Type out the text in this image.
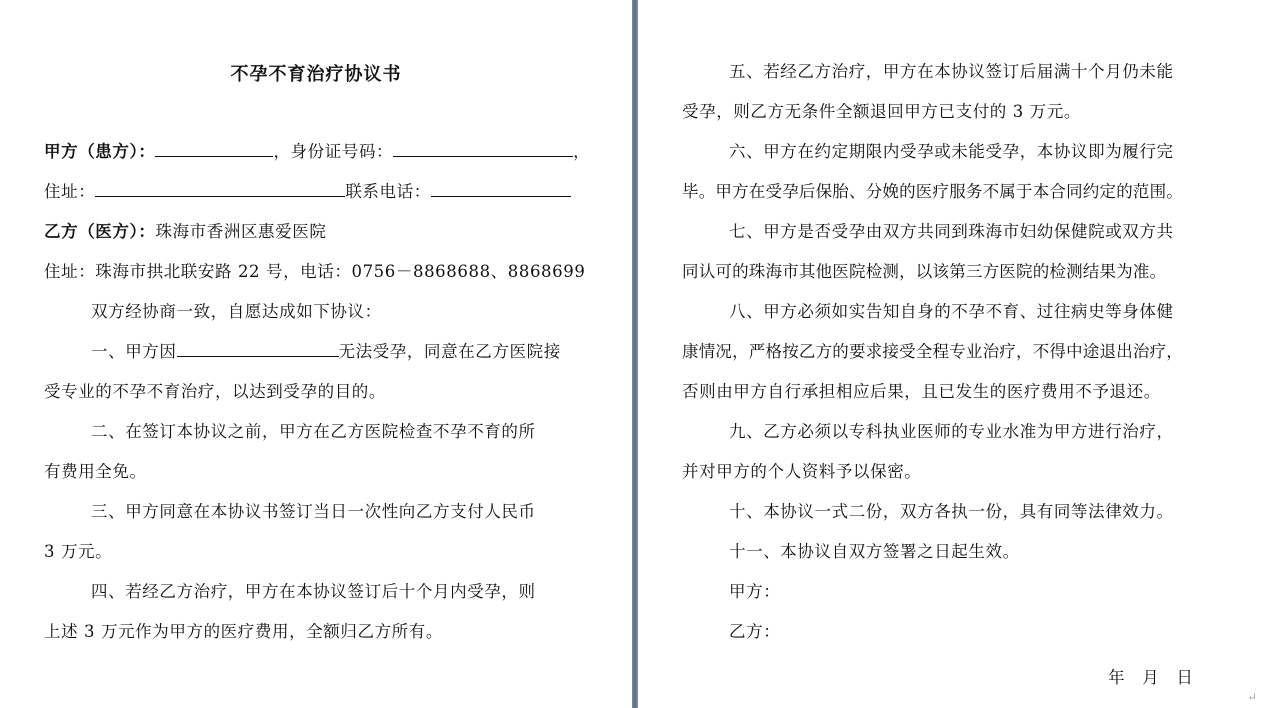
不孕不育治疗协议书
甲方（患方）：	，身份证号码：	，
住址：	联系电话：
乙方（医方）：珠海市香洲区惠爱医院
住址：珠海市拱北联安路 22 号，电话：0756－8868688、8868699
双方经协商一致，自愿达成如下协议：
一、甲方因	无法受孕，同意在乙方医院接
受专业的不孕不育治疗，以达到受孕的目的。
二、在签订本协议之前，甲方在乙方医院检查不孕不育的所
有费用全免。
三、甲方同意在本协议书签订当日一次性向乙方支付人民币
3 万元。
四、若经乙方治疗，甲方在本协议签订后十个月内受孕，则
上述 3 万元作为甲方的医疗费用，全额归乙方所有。
五、若经乙方治疗，甲方在本协议签订后届满十个月仍未能
受孕，则乙方无条件全额退回甲方已支付的 3 万元。
六、甲方在约定期限内受孕或未能受孕，本协议即为履行完
毕。甲方在受孕后保胎、分娩的医疗服务不属于本合同约定的范围。
七、甲方是否受孕由双方共同到珠海市妇幼保健院或双方共
同认可的珠海市其他医院检测，以该第三方医院的检测结果为准。
八、甲方必须如实告知自身的不孕不育、过往病史等身体健
康情况，严格按乙方的要求接受全程专业治疗，不得中途退出治疗，
否则由甲方自行承担相应后果，且已发生的医疗费用不予退还。
九、乙方必须以专科执业医师的专业水准为甲方进行治疗，
并对甲方的个人资料予以保密。
十、本协议一式二份，双方各执一份，具有同等法律效力。
十一、本协议自双方签署之日起生效。
甲方：
乙方：
年　月　日
↵
